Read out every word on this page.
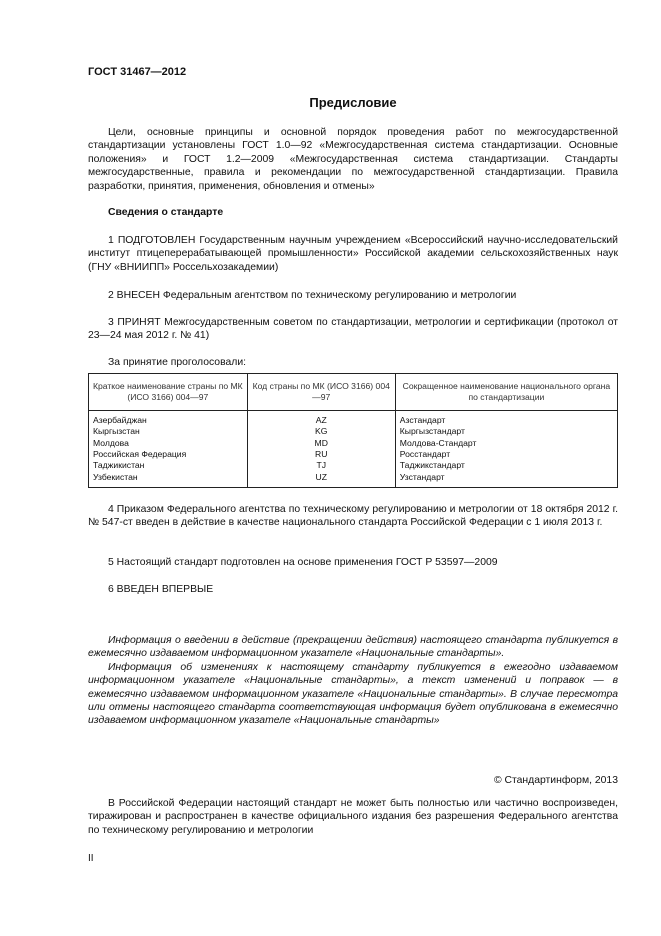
ГОСТ 31467—2012
Предисловие

Цели, основные принципы и основной порядок проведения работ по межгосударственной стандартизации установлены ГОСТ 1.0—92 «Межгосударственная система стандартизации. Основные положения» и ГОСТ 1.2—2009 «Межгосударственная система стандартизации. Стандарты межгосударственные, правила и рекомендации по межгосударственной стандартизации. Правила разработки, принятия, применения, обновления и отмены»

Сведения о стандарте

1 ПОДГОТОВЛЕН Государственным научным учреждением «Всероссийский научно-исследовательский институт птицеперерабатывающей промышленности» Российской академии сельскохозяйственных наук (ГНУ «ВНИИПП» Россельхозакадемии)

2 ВНЕСЕН Федеральным агентством по техническому регулированию и метрологии

3 ПРИНЯТ Межгосударственным советом по стандартизации, метрологии и сертификации (протокол от 23—24 мая 2012 г. № 41)

За принятие проголосовали:

Краткое наименование страны по МК (ИСО 3166) 004—97	Код страны по МК (ИСО 3166) 004—97	Сокращенное наименование национального органа по стандартизации
Азербайджан	AZ	Азстандарт
Кыргызстан	KG	Кыргызстандарт
Молдова	MD	Молдова-Стандарт
Российская Федерация	RU	Росстандарт
Таджикистан	TJ	Таджикстандарт
Узбекистан	UZ	Узстандарт

4 Приказом Федерального агентства по техническому регулированию и метрологии от 18 октября 2012 г. № 547-ст введен в действие в качестве национального стандарта Российской Федерации с 1 июля 2013 г.

5 Настоящий стандарт подготовлен на основе применения ГОСТ Р 53597—2009

6 ВВЕДЕН ВПЕРВЫЕ

Информация о введении в действие (прекращении действия) настоящего стандарта публикуется в ежемесячно издаваемом информационном указателе «Национальные стандарты».

Информация об изменениях к настоящему стандарту публикуется в ежегодно издаваемом информационном указателе «Национальные стандарты», а текст изменений и поправок — в ежемесячно издаваемом информационном указателе «Национальные стандарты». В случае пересмотра или отмены настоящего стандарта соответствующая информация будет опубликована в ежемесячно издаваемом информационном указателе «Национальные стандарты»

© Стандартинформ, 2013

В Российской Федерации настоящий стандарт не может быть полностью или частично воспроизведен, тиражирован и распространен в качестве официального издания без разрешения Федерального агентства по техническому регулированию и метрологии

II
